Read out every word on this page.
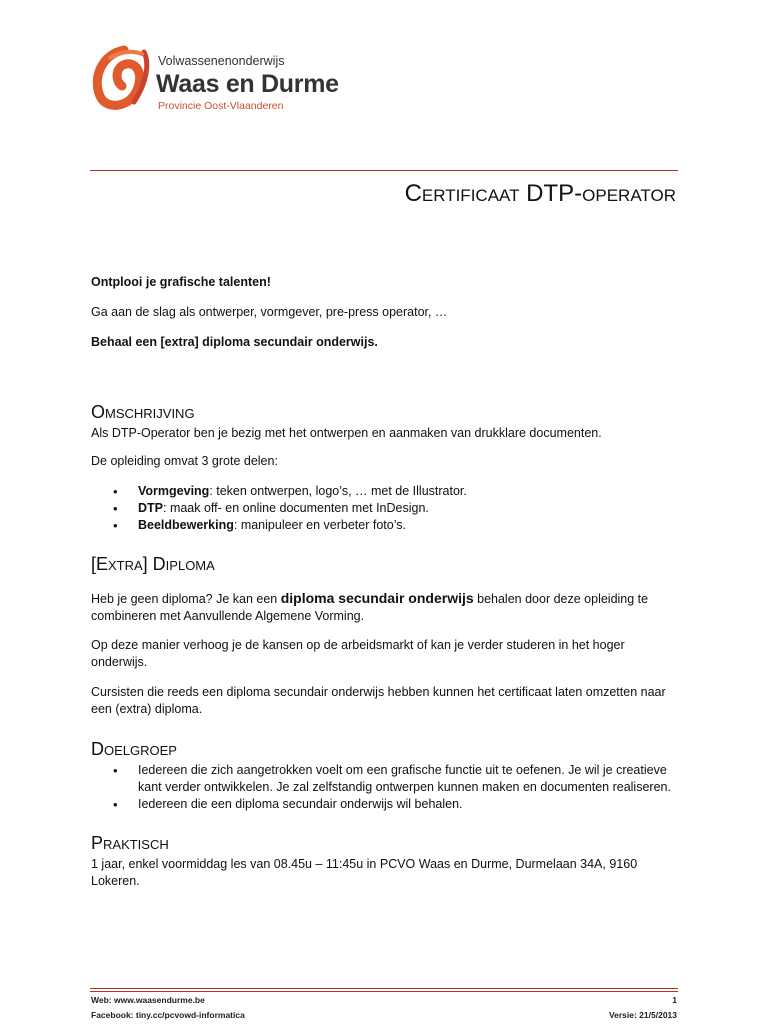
Volwassenenonderwijs
Waas en Durme
Provincie Oost-Vlaanderen
Certificaat DTP-operator

Ontplooi je grafische talenten!

Ga aan de slag als ontwerper, vormgever, pre-press operator, …

Behaal een [extra] diploma secundair onderwijs.

Omschrijving

Als DTP-Operator ben je bezig met het ontwerpen en aanmaken van drukklare documenten.

De opleiding omvat 3 grote delen:

• Vormgeving: teken ontwerpen, logo’s, … met de Illustrator.
• DTP: maak off- en online documenten met InDesign.
• Beeldbewerking: manipuleer en verbeter foto’s.
[Extra] Diploma

Heb je geen diploma? Je kan een diploma secundair onderwijs behalen door deze opleiding te combineren met Aanvullende Algemene Vorming.

Op deze manier verhoog je de kansen op de arbeidsmarkt of kan je verder studeren in het hoger onderwijs.

Cursisten die reeds een diploma secundair onderwijs hebben kunnen het certificaat laten omzetten naar een (extra) diploma.

Doelgroep
• Iedereen die zich aangetrokken voelt om een grafische functie uit te oefenen. Je wil je creatieve kant verder ontwikkelen. Je zal zelfstandig ontwerpen kunnen maken en documenten realiseren.
• Iedereen die een diploma secundair onderwijs wil behalen.
Praktisch

1 jaar, enkel voormiddag les van 08.45u – 11:45u in PCVO Waas en Durme, Durmelaan 34A, 9160 Lokeren.

Web: www.waasendurme.be	1
Facebook: tiny.cc/pcvowd-informatica	Versie: 21/5/2013
